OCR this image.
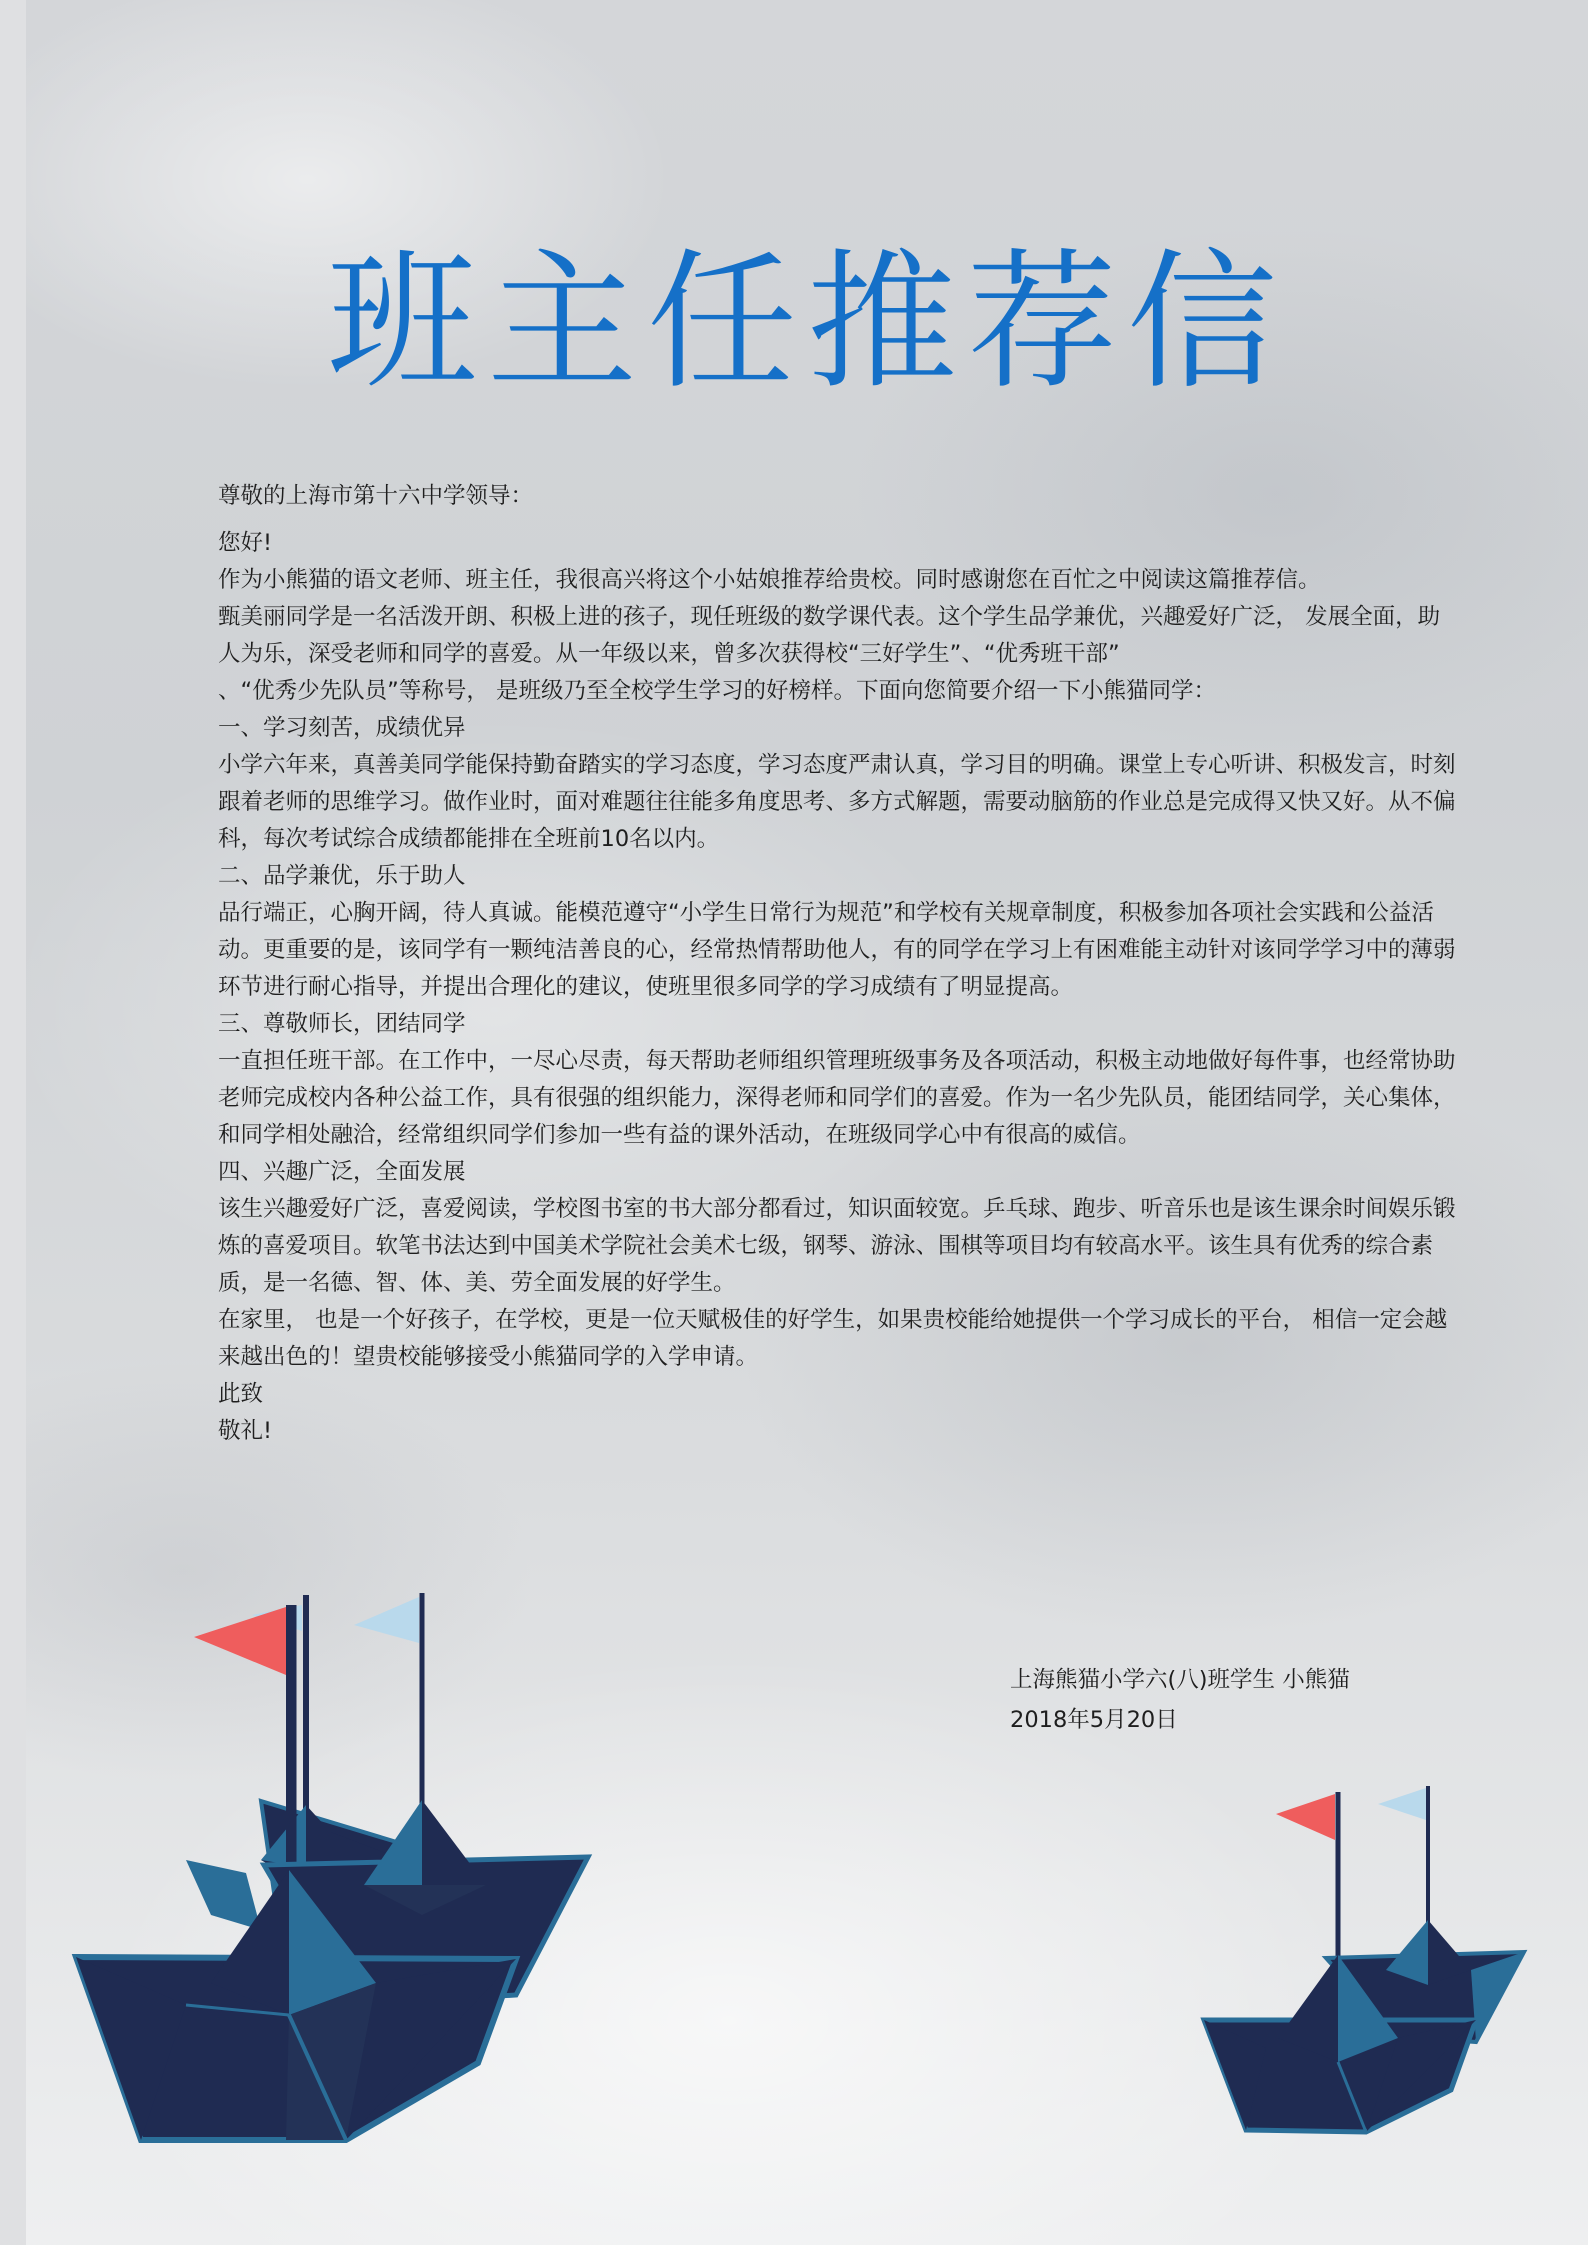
班主任推荐信

尊敬的上海市第十六中学领导：

您好!

作为小熊猫的语文老师、班主任，我很高兴将这个小姑娘推荐给贵校。同时感谢您在百忙之中阅读这篇推荐信。

甄美丽同学是一名活泼开朗、积极上进的孩子，现任班级的数学课代表。这个学生品学兼优，兴趣爱好广泛， 发展全面，助人为乐，深受老师和同学的喜爱。从一年级以来，曾多次获得校“三好学生”、“优秀班干部”

、“优秀少先队员”等称号， 是班级乃至全校学生学习的好榜样。下面向您简要介绍一下小熊猫同学：

一、学习刻苦，成绩优异

小学六年来，真善美同学能保持勤奋踏实的学习态度，学习态度严肃认真，学习目的明确。课堂上专心听讲、积极发言，时刻跟着老师的思维学习。做作业时，面对难题往往能多角度思考、多方式解题，需要动脑筋的作业总是完成得又快又好。从不偏科，每次考试综合成绩都能排在全班前10名以内。

二、品学兼优，乐于助人

品行端正，心胸开阔，待人真诚。能模范遵守“小学生日常行为规范”和学校有关规章制度，积极参加各项社会实践和公益活动。更重要的是，该同学有一颗纯洁善良的心，经常热情帮助他人，有的同学在学习上有困难能主动针对该同学学习中的薄弱环节进行耐心指导，并提出合理化的建议，使班里很多同学的学习成绩有了明显提高。

三、尊敬师长，团结同学

一直担任班干部。在工作中，一尽心尽责，每天帮助老师组织管理班级事务及各项活动，积极主动地做好每件事，也经常协助老师完成校内各种公益工作，具有很强的组织能力，深得老师和同学们的喜爱。作为一名少先队员，能团结同学，关心集体，和同学相处融洽，经常组织同学们参加一些有益的课外活动，在班级同学心中有很高的威信。

四、兴趣广泛，全面发展

该生兴趣爱好广泛，喜爱阅读，学校图书室的书大部分都看过，知识面较宽。乒乓球、跑步、听音乐也是该生课余时间娱乐锻炼的喜爱项目。软笔书法达到中国美术学院社会美术七级，钢琴、游泳、围棋等项目均有较高水平。该生具有优秀的综合素质，是一名德、智、体、美、劳全面发展的好学生。

在家里， 也是一个好孩子，在学校，更是一位天赋极佳的好学生，如果贵校能给她提供一个学习成长的平台， 相信一定会越来越出色的！望贵校能够接受小熊猫同学的入学申请。

此致

敬礼!

上海熊猫小学六(八)班学生 小熊猫

2018年5月20日
